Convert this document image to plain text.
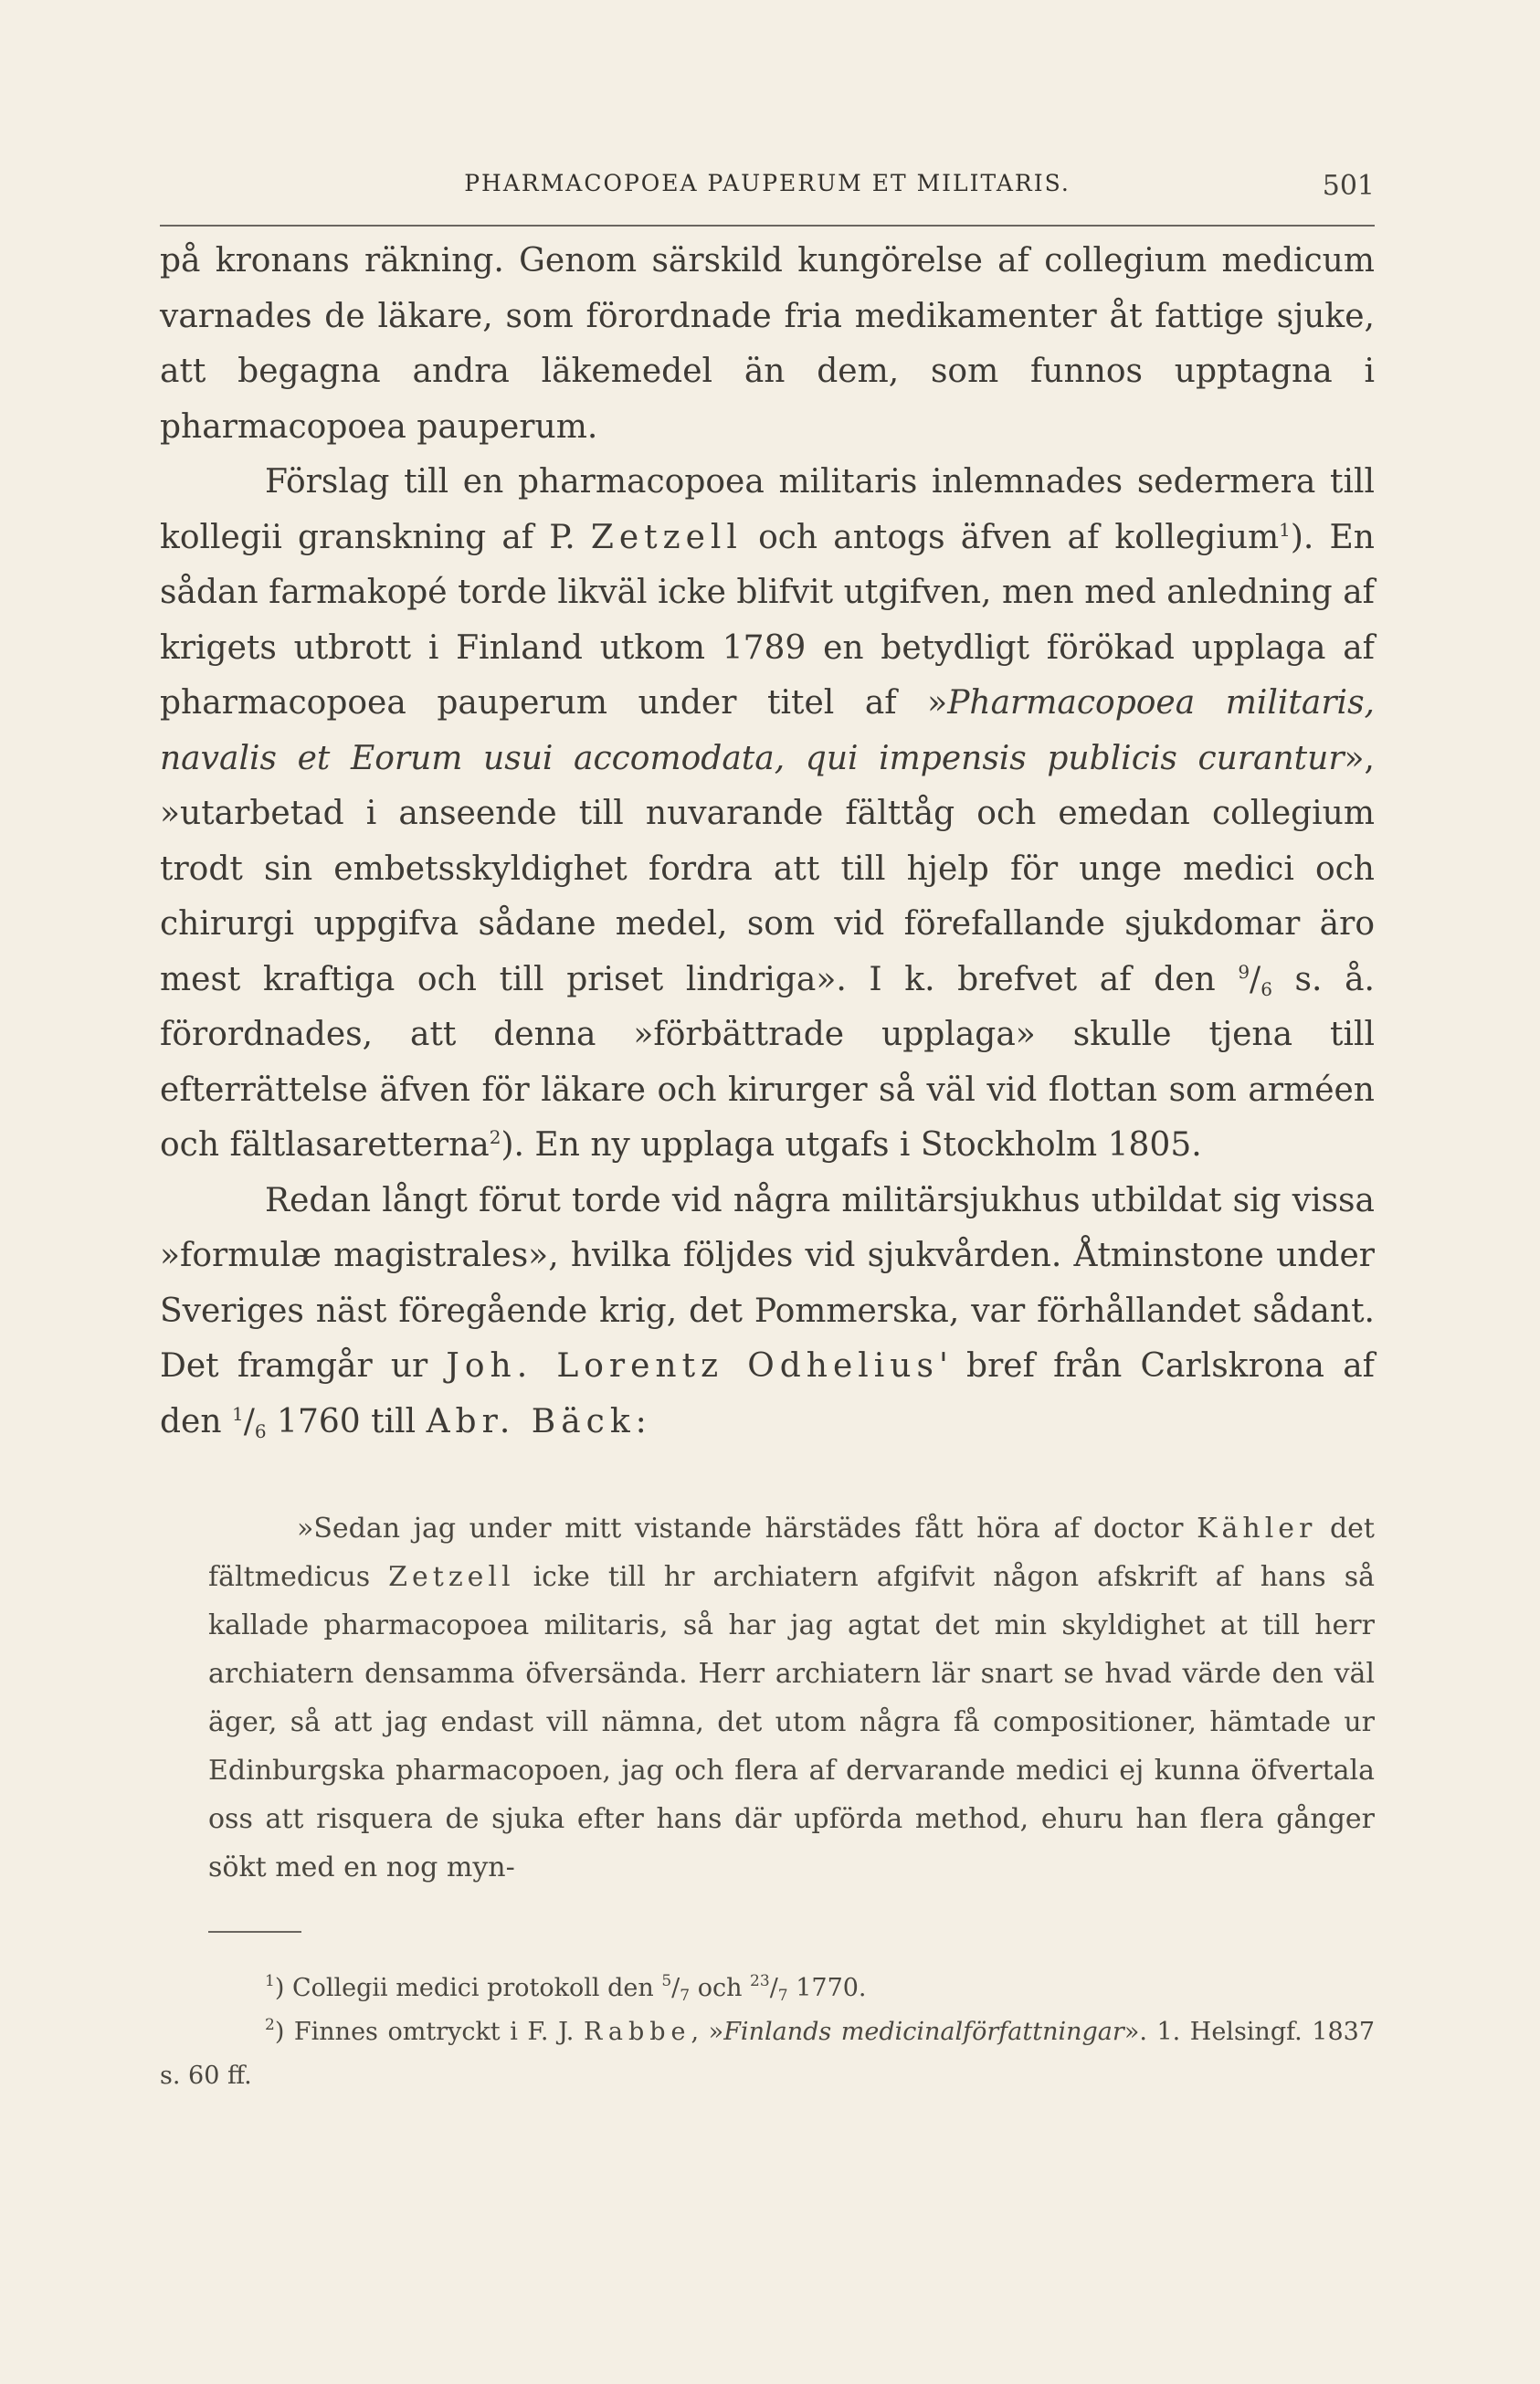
PHARMACOPOEA PAUPERUM ET MILITARIS.	501

på kronans räkning. Genom särskild kungörelse af collegium medicum varnades de läkare, som förordnade fria medikamenter åt fattige sjuke, att begagna andra läkemedel än dem, som funnos upptagna i pharmacopoea pauperum.

Förslag till en pharmacopoea militaris inlemnades sedermera till kollegii granskning af P. Zetzell och antogs äfven af kollegium$^1$). En sådan farmakopé torde likväl icke blifvit utgifven, men med anledning af krigets utbrott i Finland utkom 1789 en betydligt förökad upplaga af pharmacopoea pauperum under titel af »Pharmacopoea militaris, navalis et Eorum usui accomodata, qui impensis publicis curantur», »utarbetad i anseende till nuvarande fälttåg och emedan collegium trodt sin embetsskyldighet fordra att till hjelp för unge medici och chirurgi uppgifva sådane medel, som vid förefallande sjukdomar äro mest kraftiga och till priset lindriga». I k. brefvet af den $^9/_6$ s. å. förordnades, att denna »förbättrade upplaga» skulle tjena till efterrättelse äfven för läkare och kirurger så väl vid flottan som arméen och fältlasaretterna$^2$). En ny upplaga utgafs i Stockholm 1805.

Redan långt förut torde vid några militärsjukhus utbildat sig vissa »formulæ magistrales», hvilka följdes vid sjukvården. Åtminstone under Sveriges näst föregående krig, det Pommerska, var förhållandet sådant. Det framgår ur Joh. Lorentz Odhelius' bref från Carlskrona af den $^1/_6$ 1760 till Abr. Bäck:

»Sedan jag under mitt vistande härstädes fått höra af doctor Kähler det fältmedicus Zetzell icke till hr archiatern afgifvit någon afskrift af hans så kallade pharmacopoea militaris, så har jag agtat det min skyldighet at till herr archiatern densamma öfversända. Herr archiatern lär snart se hvad värde den väl äger, så att jag endast vill nämna, det utom några få compositioner, hämtade ur Edinburgska pharmacopoen, jag och flera af dervarande medici ej kunna öfvertala oss att risquera de sjuka efter hans där upförda method, ehuru han flera gånger sökt med en nog myn-

$^1$) Collegii medici protokoll den $^5/_7$ och $^{23}/_7$ 1770.

$^2$) Finnes omtryckt i F. J. Rabbe, »Finlands medicinalförfattningar». 1. Helsingf. 1837 s. 60 ff.
